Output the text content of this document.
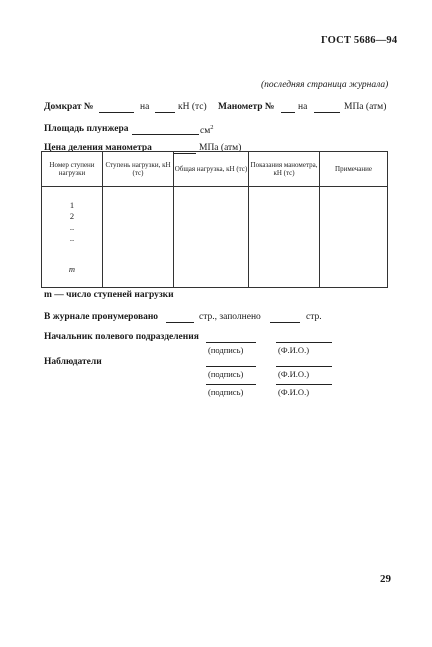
ГОСТ 5686—94
(последняя страница журнала)
Домкрат №	на	кН (тс) Манометр № на	МПа (атм)
Площадь плунжера	$см^2$
Цена деления манометра	МПа (атм)
Номер ступени нагрузки	Ступень нагрузки, кН (тс)	Общая нагрузка, кН (тс)	Показания манометра, кН (тс)	Примечание

1
2
..
..
m				

m — число ступеней нагрузки
В журнале пронумеровано	стр., заполнено	стр.
Начальник полевого подразделения
(подпись)	(Ф.И.О.)
Наблюдатели
(подпись)	(Ф.И.О.)
(подпись)	(Ф.И.О.)
29
